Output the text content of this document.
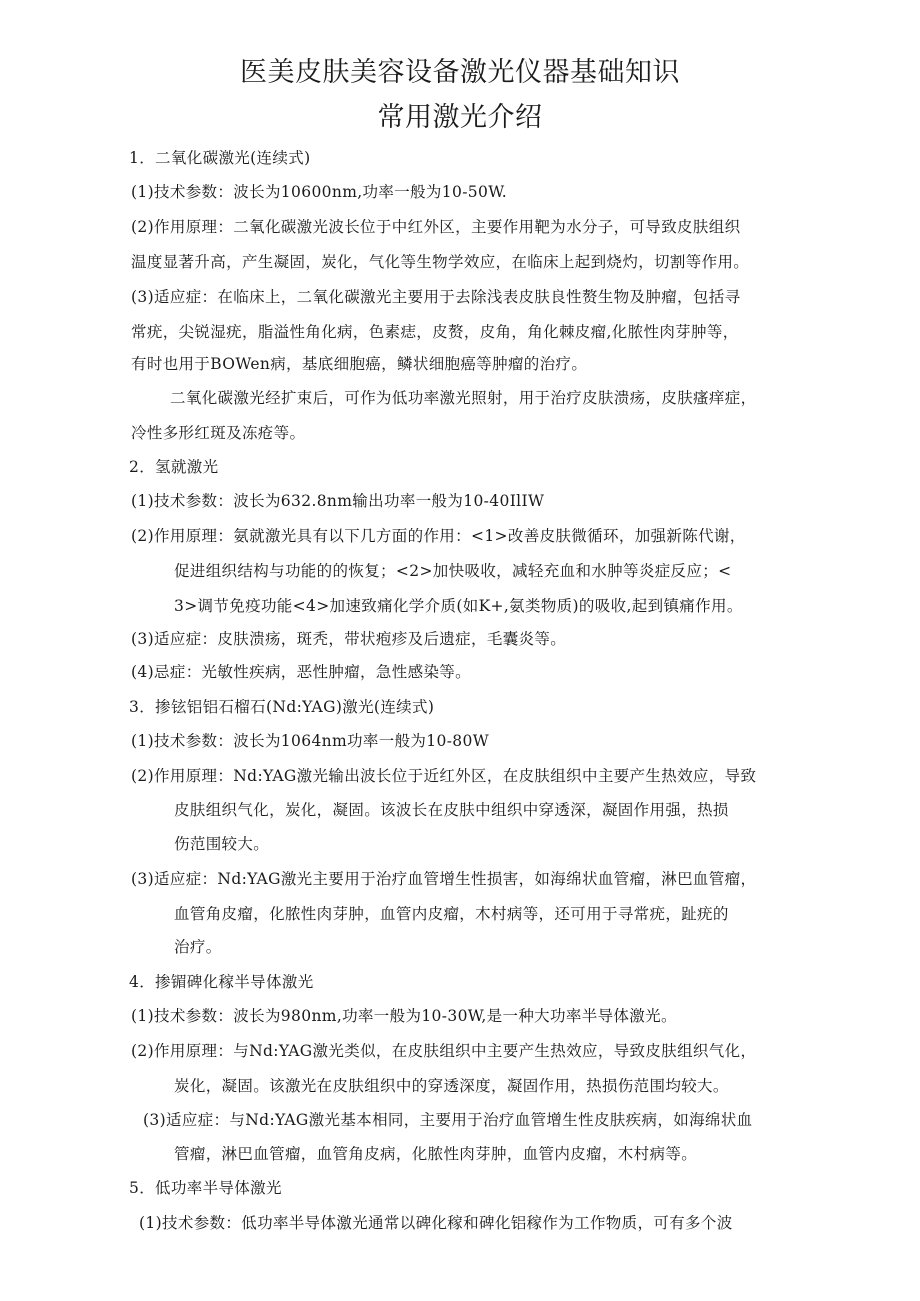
医美皮肤美容设备激光仪器基础知识
常用激光介绍
1．二氧化碳激光(连续式)
(1)技术参数：波长为10600nm,功率一般为10-50W.
(2)作用原理：二氧化碳激光波长位于中红外区，主要作用靶为水分子，可导致皮肤组织
温度显著升高，产生凝固，炭化，气化等生物学效应，在临床上起到烧灼，切割等作用。
(3)适应症：在临床上，二氧化碳激光主要用于去除浅表皮肤良性赘生物及肿瘤，包括寻
常疣，尖锐湿疣，脂溢性角化病，色素痣，皮赘，皮角，角化棘皮瘤,化脓性肉芽肿等，
有时也用于BOWen病，基底细胞癌，鳞状细胞癌等肿瘤的治疗。
二氧化碳激光经扩束后，可作为低功率激光照射，用于治疗皮肤溃疡，皮肤瘙痒症，
冷性多形红斑及冻疮等。
2．氢就激光
(1)技术参数：波长为632.8nm输出功率一般为10-40IlIW
(2)作用原理：氨就激光具有以下几方面的作用：<1>改善皮肤微循环，加强新陈代谢，
促进组织结构与功能的的恢复；<2>加快吸收，减轻充血和水肿等炎症反应；<
3>调节免疫功能<4>加速致痛化学介质(如K+,氨类物质)的吸收,起到镇痛作用。
(3)适应症：皮肤溃疡，斑秃，带状疱疹及后遗症，毛囊炎等。
(4)忌症：光敏性疾病，恶性肿瘤，急性感染等。
3．掺铉铝铝石榴石(Nd:YAG)激光(连续式)
(1)技术参数：波长为1064nm功率一般为10-80W
(2)作用原理：Nd:YAG激光输出波长位于近红外区，在皮肤组织中主要产生热效应，导致
皮肤组织气化，炭化，凝固。该波长在皮肤中组织中穿透深，凝固作用强，热损
伤范围较大。
(3)适应症：Nd:YAG激光主要用于治疗血管增生性损害，如海绵状血管瘤，淋巴血管瘤，
血管角皮瘤，化脓性肉芽肿，血管内皮瘤，木村病等，还可用于寻常疣，趾疣的
治疗。
4．掺镅碑化稼半导体激光
(1)技术参数：波长为980nm,功率一般为10-30W,是一种大功率半导体激光。
(2)作用原理：与Nd:YAG激光类似，在皮肤组织中主要产生热效应，导致皮肤组织气化，
炭化，凝固。该激光在皮肤组织中的穿透深度，凝固作用，热损伤范围均较大。
(3)适应症：与Nd:YAG激光基本相同，主要用于治疗血管增生性皮肤疾病，如海绵状血
管瘤，淋巴血管瘤，血管角皮病，化脓性肉芽肿，血管内皮瘤，木村病等。
5．低功率半导体激光
(1)技术参数：低功率半导体激光通常以碑化稼和碑化铝稼作为工作物质，可有多个波
